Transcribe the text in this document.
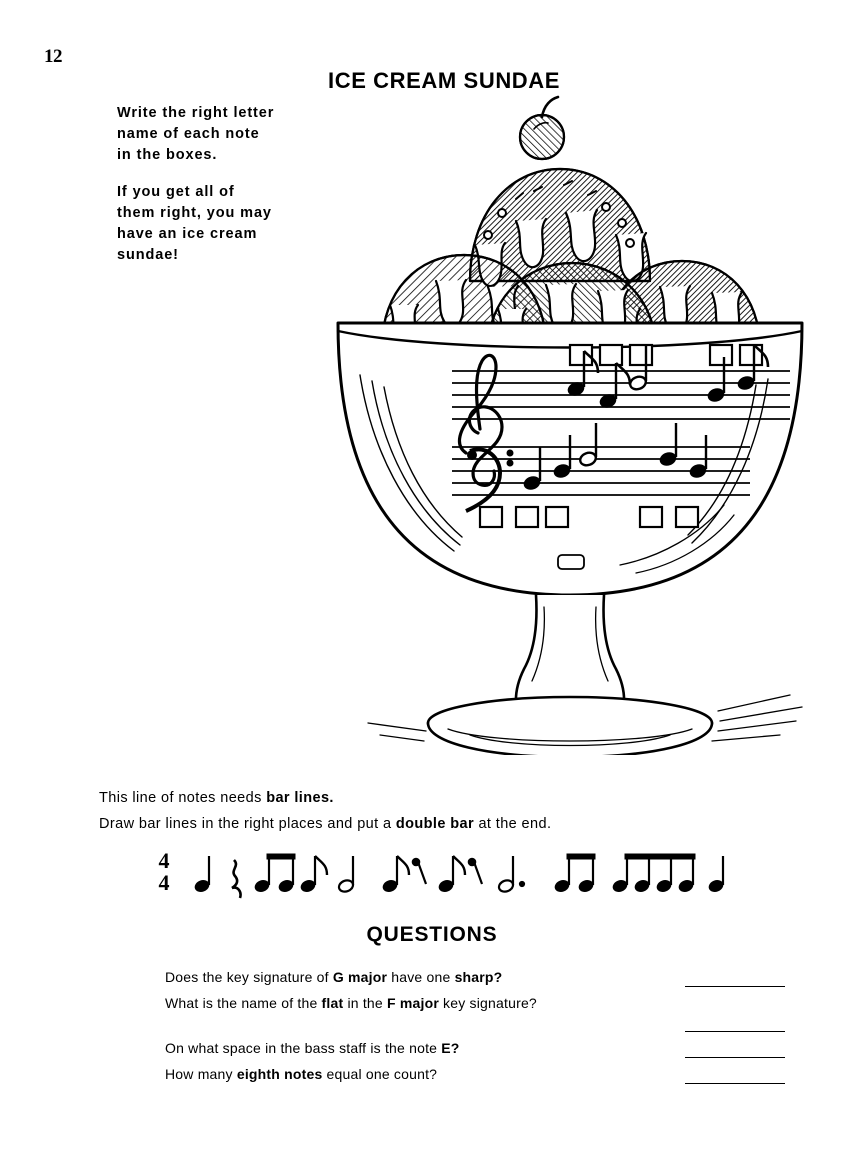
12
ICE CREAM SUNDAE

Write the right letter name of each note in the boxes.

If you get all of them right, you may have an ice cream sundae!

This line of notes needs bar lines.
Draw bar lines in the right places and put a double bar at the end.
4
4
QUESTIONS
Does the key signature of G major have one sharp?
What is the name of the flat in the F major key signature?
On what space in the bass staff is the note E?
How many eighth notes equal one count?
